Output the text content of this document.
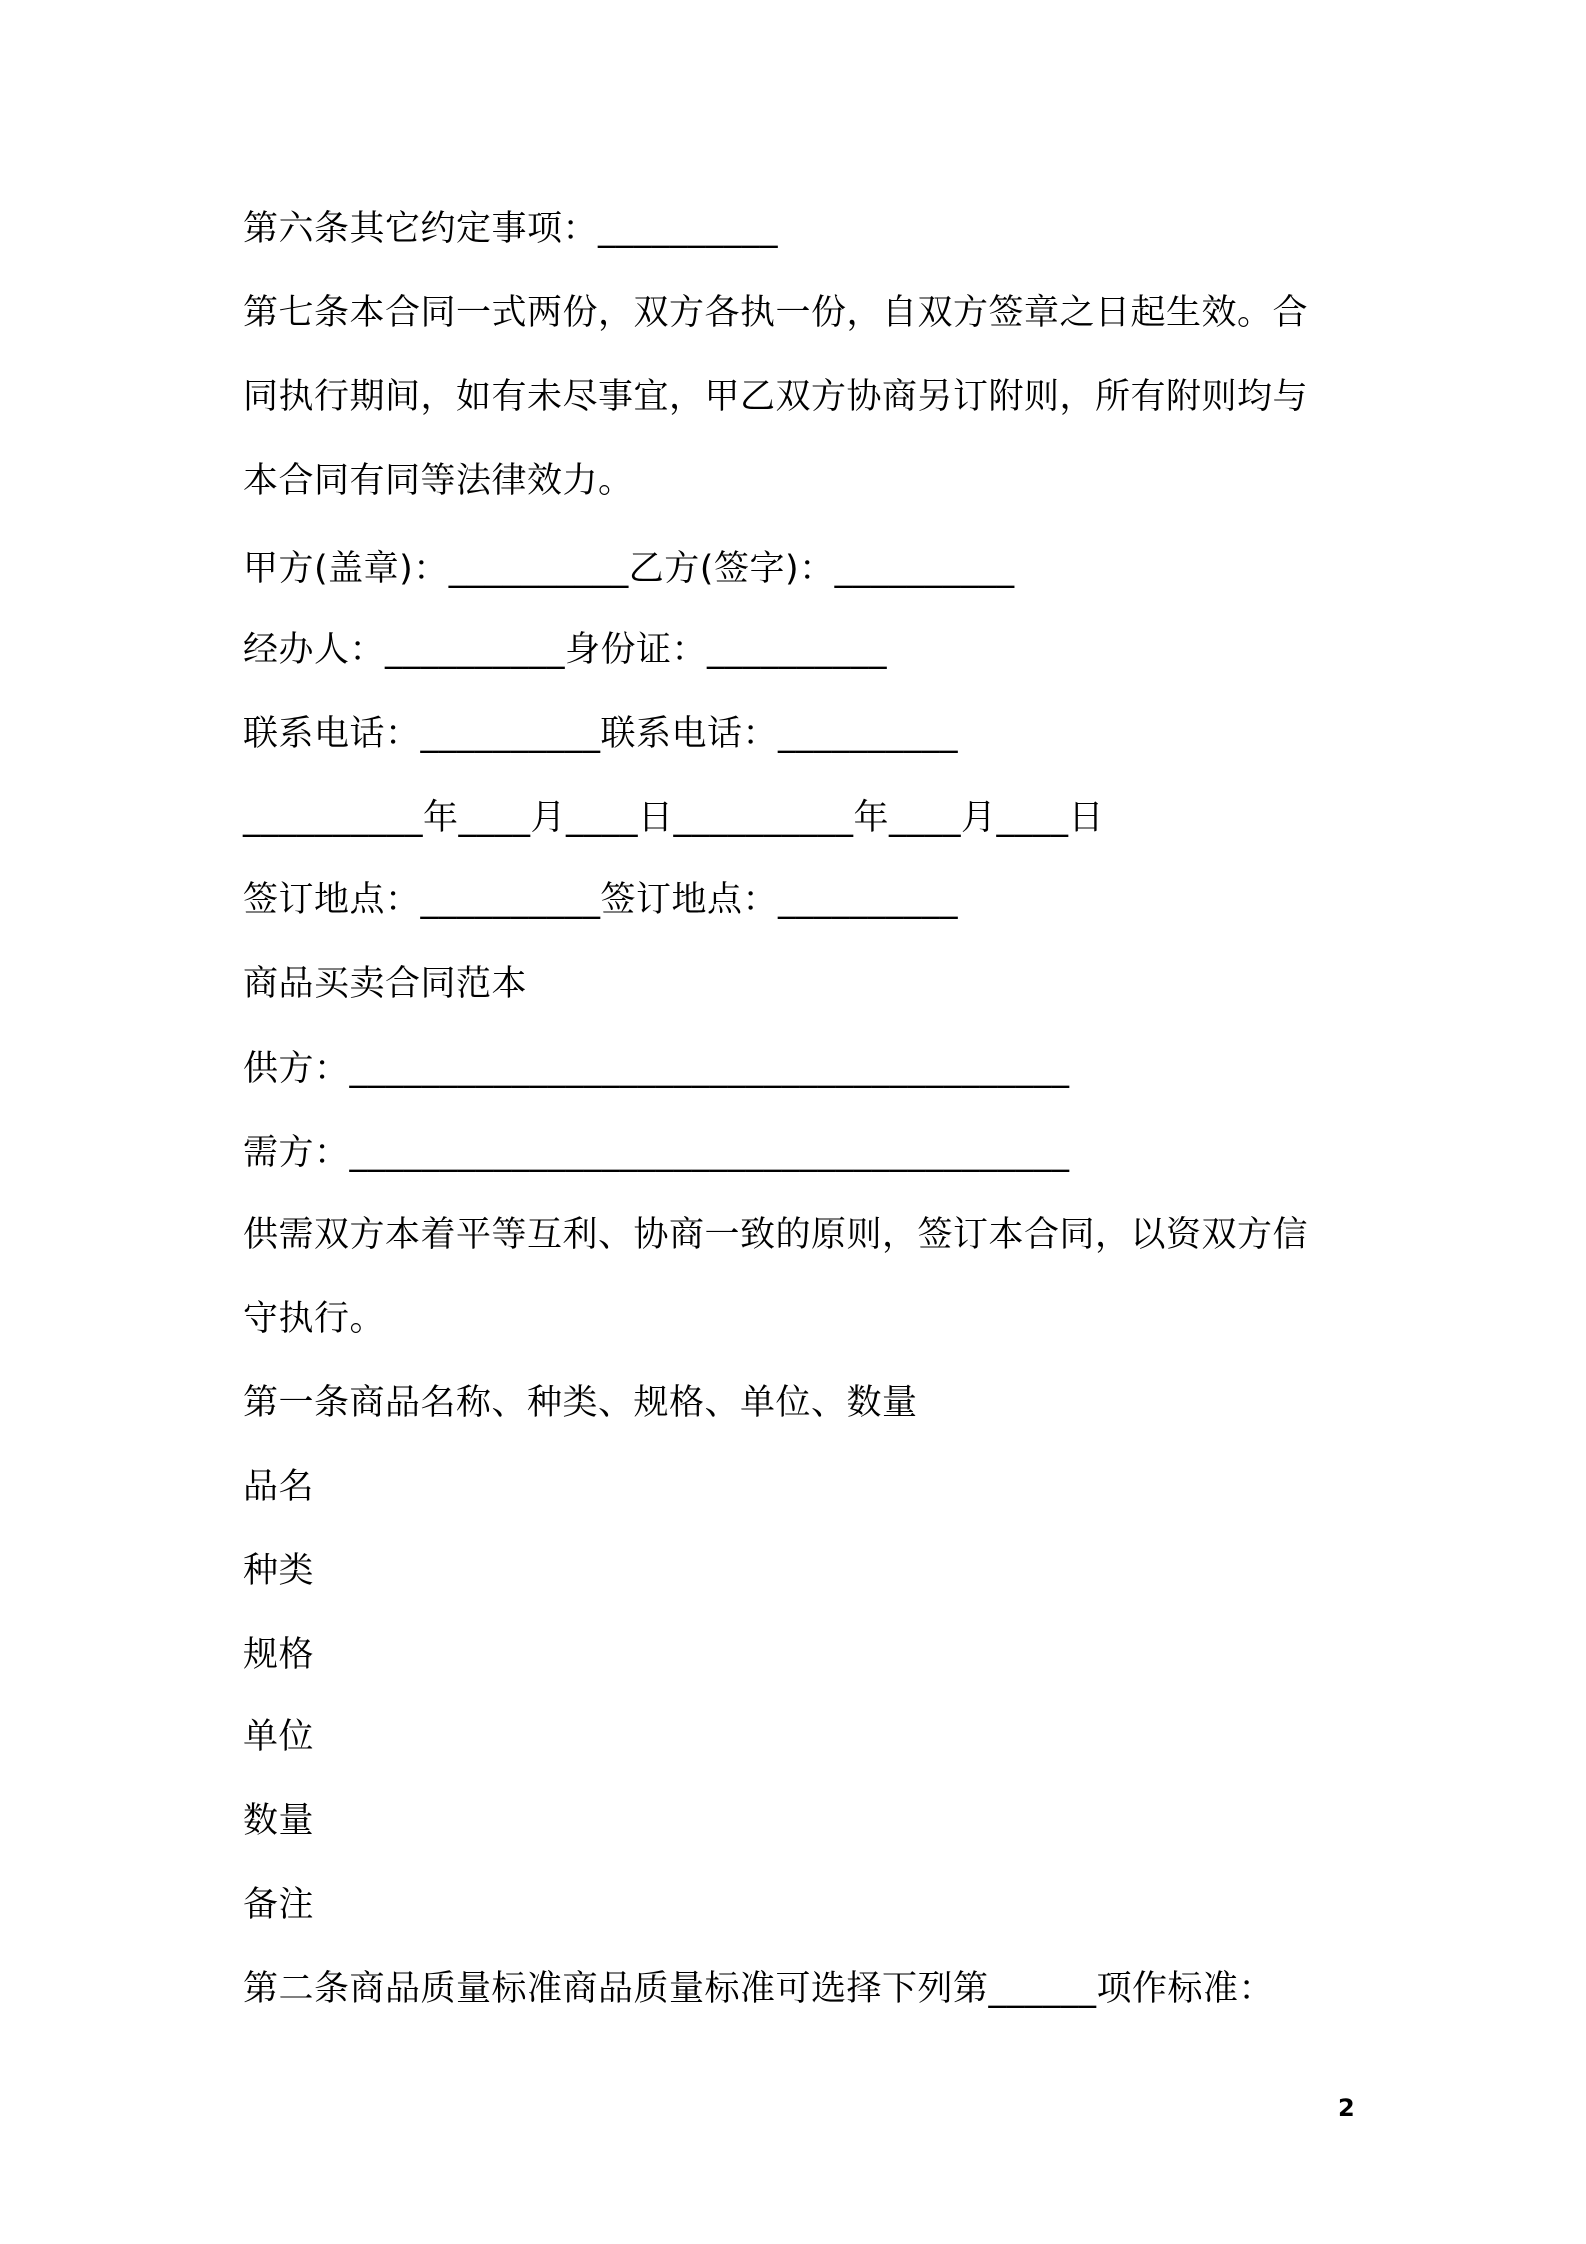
第六条其它约定事项：__________
第七条本合同一式两份，双方各执一份，自双方签章之日起生效。合
同执行期间，如有未尽事宜，甲乙双方协商另订附则，所有附则均与
本合同有同等法律效力。
甲方(盖章)：__________乙方(签字)：__________
经办人：__________身份证：__________
联系电话：__________联系电话：__________
__________年____月____日__________年____月____日
签订地点：__________签订地点：__________
商品买卖合同范本
供方：________________________________________
需方：________________________________________
供需双方本着平等互利、协商一致的原则，签订本合同，以资双方信
守执行。
第一条商品名称、种类、规格、单位、数量
品名
种类
规格
单位
数量
备注
第二条商品质量标准商品质量标准可选择下列第______项作标准：
2
